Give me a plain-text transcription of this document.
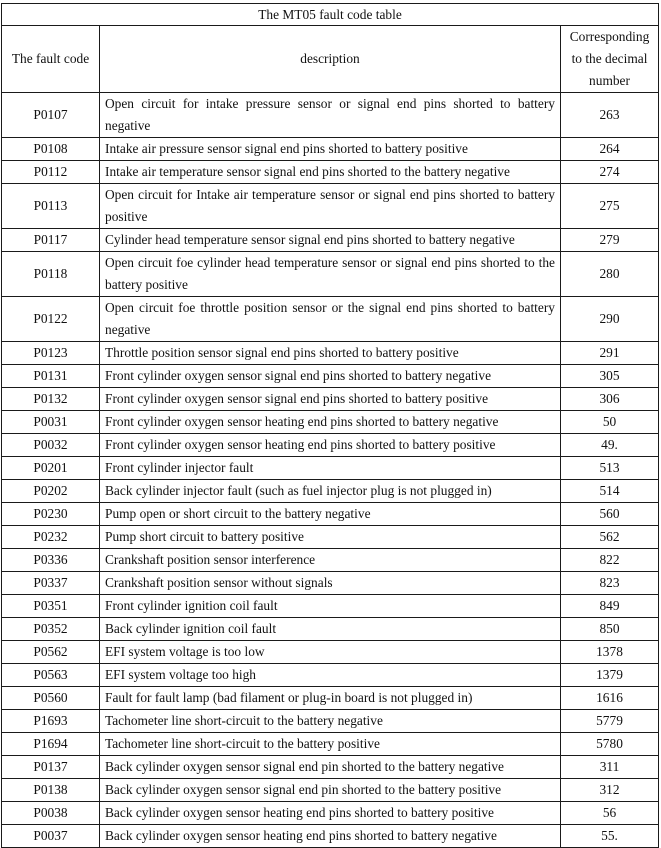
The MT05 fault code table		
The fault code	description	Corresponding to the decimal number
P0107	Open circuit for intake pressure sensor or signal end pins shorted to battery negative	263
P0108	Intake air pressure sensor signal end pins shorted to battery positive	264
P0112	Intake air temperature sensor signal end pins shorted to the battery negative	274
P0113	Open circuit for Intake air temperature sensor or signal end pins shorted to battery positive	275
P0117	Cylinder head temperature sensor signal end pins shorted to battery negative	279
P0118	Open circuit foe cylinder head temperature sensor or signal end pins shorted to the battery positive	280
P0122	Open circuit foe throttle position sensor or the signal end pins shorted to battery negative	290
P0123	Throttle position sensor signal end pins shorted to battery positive	291
P0131	Front cylinder oxygen sensor signal end pins shorted to battery negative	305
P0132	Front cylinder oxygen sensor signal end pins shorted to battery positive	306
P0031	Front cylinder oxygen sensor heating end pins shorted to battery negative	50
P0032	Front cylinder oxygen sensor heating end pins shorted to battery positive	49.
P0201	Front cylinder injector fault	513
P0202	Back cylinder injector fault (such as fuel injector plug is not plugged in)	514
P0230	Pump open or short circuit to the battery negative	560
P0232	Pump short circuit to battery positive	562
P0336	Crankshaft position sensor interference	822
P0337	Crankshaft position sensor without signals	823
P0351	Front cylinder ignition coil fault	849
P0352	Back cylinder ignition coil fault	850
P0562	EFI system voltage is too low	1378
P0563	EFI system voltage too high	1379
P0560	Fault for fault lamp (bad filament or plug-in board is not plugged in)	1616
P1693	Tachometer line short-circuit to the battery negative	5779
P1694	Tachometer line short-circuit to the battery positive	5780
P0137	Back cylinder oxygen sensor signal end pin shorted to the battery negative	311
P0138	Back cylinder oxygen sensor signal end pin shorted to the battery positive	312
P0038	Back cylinder oxygen sensor heating end pins shorted to battery positive	56
P0037	Back cylinder oxygen sensor heating end pins shorted to battery negative	55.
